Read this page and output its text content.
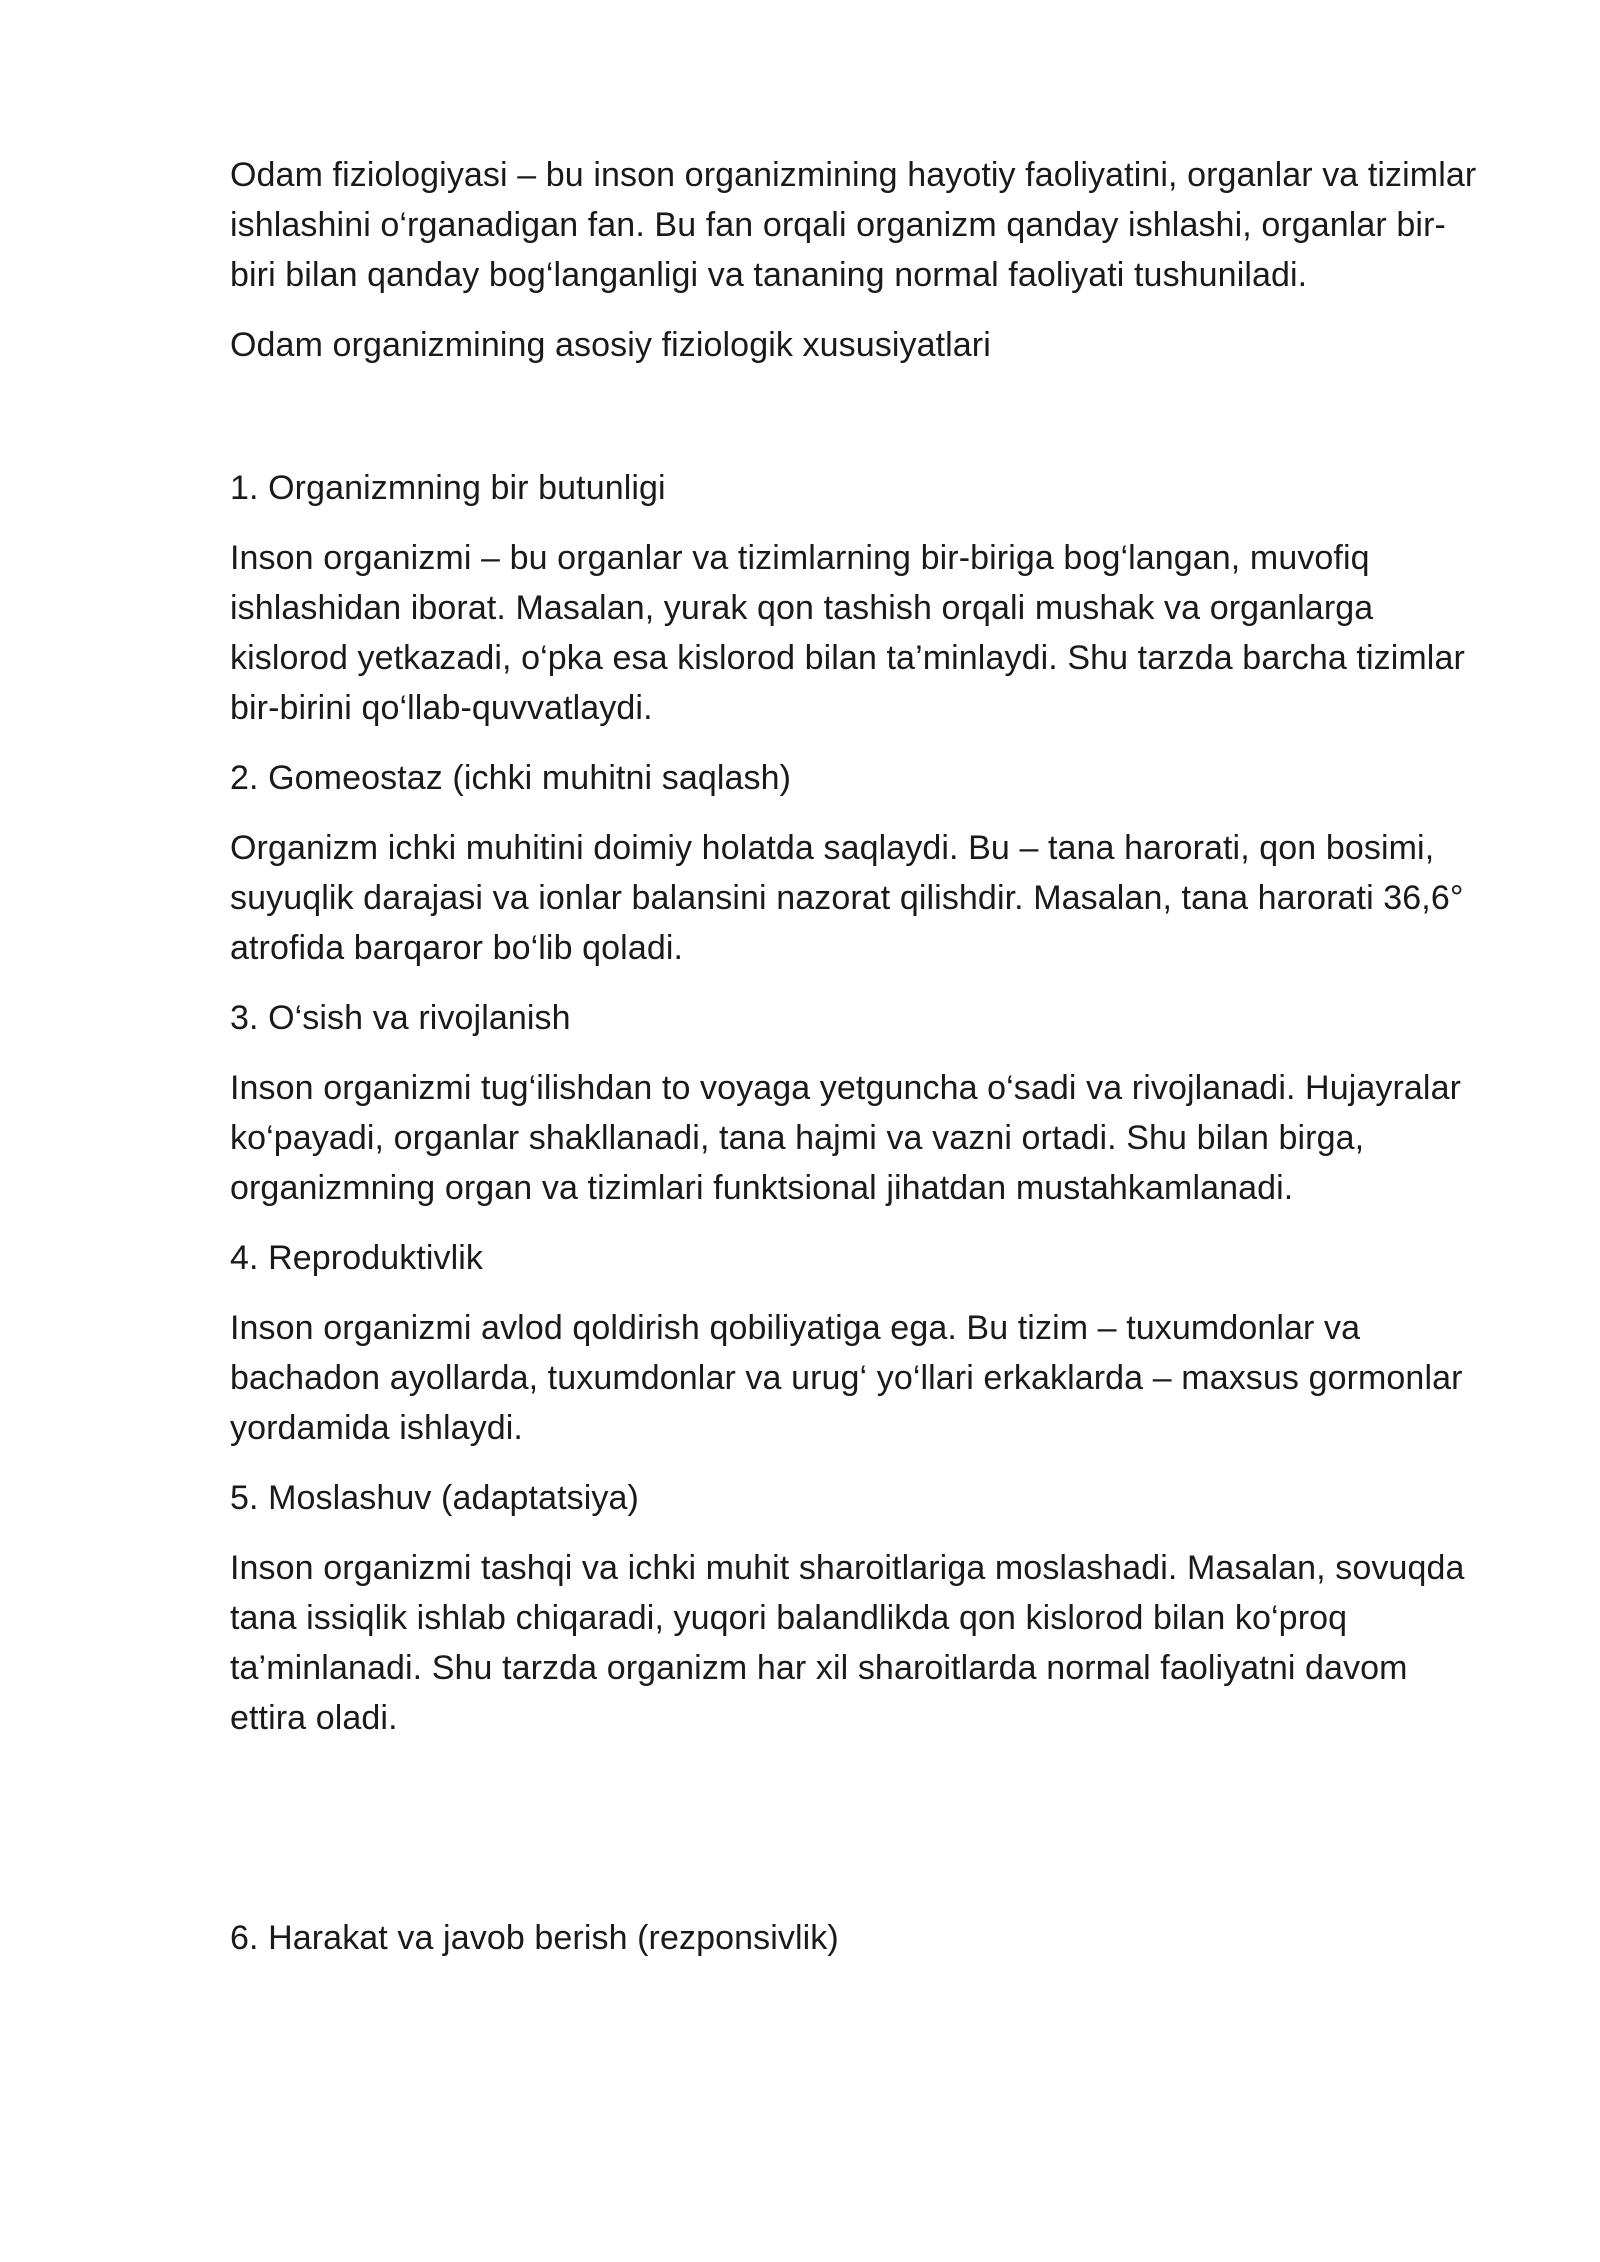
Odam fiziologiyasi – bu inson organizmining hayotiy faoliyatini, organlar va tizimlar ishlashini o‘rganadigan fan. Bu fan orqali organizm qanday ishlashi, organlar bir-biri bilan qanday bog‘langanligi va tananing normal faoliyati tushuniladi.

Odam organizmining asosiy fiziologik xususiyatlari

1. Organizmning bir butunligi

Inson organizmi – bu organlar va tizimlarning bir-biriga bog‘langan, muvofiq ishlashidan iborat. Masalan, yurak qon tashish orqali mushak va organlarga kislorod yetkazadi, o‘pka esa kislorod bilan ta’minlaydi. Shu tarzda barcha tizimlar bir-birini qo‘llab-quvvatlaydi.

2. Gomeostaz (ichki muhitni saqlash)

Organizm ichki muhitini doimiy holatda saqlaydi. Bu – tana harorati, qon bosimi, suyuqlik darajasi va ionlar balansini nazorat qilishdir. Masalan, tana harorati 36,6° atrofida barqaror bo‘lib qoladi.

3. O‘sish va rivojlanish

Inson organizmi tug‘ilishdan to voyaga yetguncha o‘sadi va rivojlanadi. Hujayralar ko‘payadi, organlar shakllanadi, tana hajmi va vazni ortadi. Shu bilan birga, organizmning organ va tizimlari funktsional jihatdan mustahkamlanadi.

4. Reproduktivlik

Inson organizmi avlod qoldirish qobiliyatiga ega. Bu tizim – tuxumdonlar va bachadon ayollarda, tuxumdonlar va urug‘ yo‘llari erkaklarda – maxsus gormonlar yordamida ishlaydi.

5. Moslashuv (adaptatsiya)

Inson organizmi tashqi va ichki muhit sharoitlariga moslashadi. Masalan, sovuqda tana issiqlik ishlab chiqaradi, yuqori balandlikda qon kislorod bilan ko‘proq ta’minlanadi. Shu tarzda organizm har xil sharoitlarda normal faoliyatni davom ettira oladi.

6. Harakat va javob berish (rezponsivlik)
